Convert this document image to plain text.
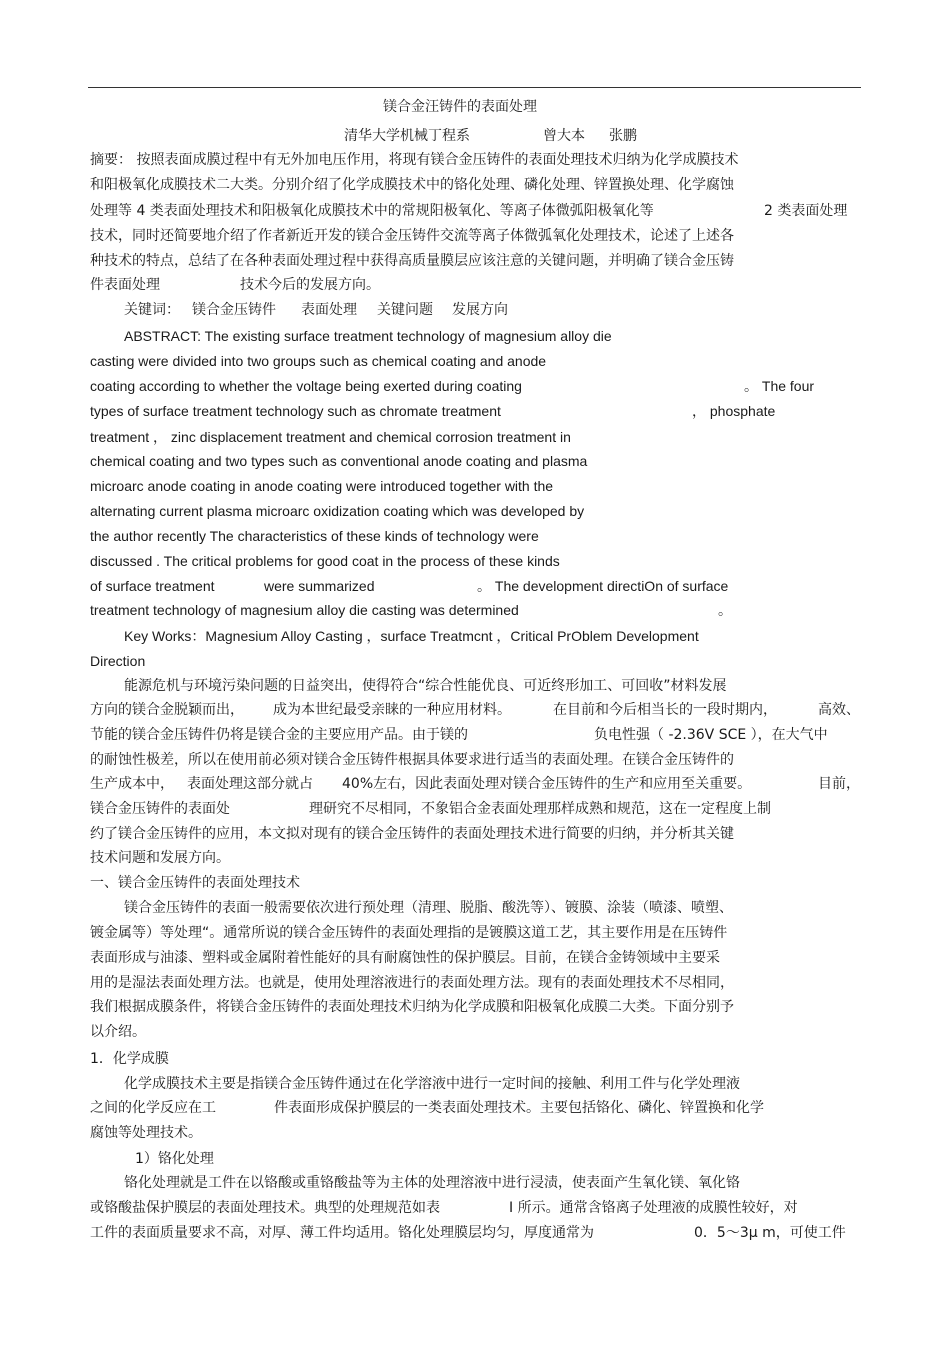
镁合金汪铸件的表面处理
清华大学机械丁程系	曾大本 张鹏
摘要： 按照表面成膜过程中有无外加电压作用，将现有镁合金压铸件的表面处理技术归纳为化学成膜技术
和阳极氧化成膜技术二大类。分别介绍了化学成膜技术中的铬化处理、磷化处理、锌置换处理、化学腐蚀
处理等 4 类表面处理技术和阳极氧化成膜技术中的常规阳极氧化、等离子体微弧阳极氧化等	2 类表面处理
技术，同时还简要地介绍了作者新近开发的镁合金压铸件交流等离子体微弧氧化处理技术，论述了上述各
种技术的特点，总结了在各种表面处理过程中获得高质量膜层应该注意的关键问题，并明确了镁合金压铸
件表面处理	技术今后的发展方向。
关键词： 镁合金压铸件 表面处理 关键问题 发展方向
ABSTRACT: The existing surface treatment technology of magnesium alloy die
casting were divided into two groups such as chemical coating and anode
coating according to whether the voltage being exerted during coating	。 The four
types of surface treatment technology such as chromate treatment	， phosphate
treatment ， zinc displacement treatment and chemical corrosion treatment in
chemical coating and two types such as conventional anode coating and plasma
microarc anode coating in anode coating were introduced together with the
alternating current plasma microarc oxidization coating which was developed by
the author recently The characteristics of these kinds of technology were
discussed . The critical problems for good coat in the process of these kinds
of surface treatment	were summarized	。 The development directiOn of surface
treatment technology of magnesium alloy die casting was determined	。
Key Works：Magnesium Alloy Casting ，surface Treatmcnt ，Critical PrOblem Development
Direction
能源危机与环境污染问题的日益突出，使得符合“综合性能优良、可近终形加工、可回收”材料发展
方向的镁合金脱颖而出， 成为本世纪最受亲睐的一种应用材料。	在目前和今后相当长的一段时期内，	高效、
节能的镁合金压铸件仍将是镁合金的主要应用产品。由于镁的	负电性强（ -2.36V SCE ），在大气中
的耐蚀性极差，所以在使用前必须对镁合金压铸件根据具体要求进行适当的表面处理。在镁合金压铸件的
生产成本中， 表面处理这部分就占 40%左右，因此表面处理对镁合金压铸件的生产和应用至关重要。	目前，
镁合金压铸件的表面处	理研究不尽相同，不象铝合金表面处理那样成熟和规范，这在一定程度上制
约了镁合金压铸件的应用，本文拟对现有的镁合金压铸件的表面处理技术进行简要的归纳，并分析其关键
技术问题和发展方向。
一、镁合金压铸件的表面处理技术
镁合金压铸件的表面一般需要依次进行预处理（清理、脱脂、酸洗等）、镀膜、涂装（喷漆、喷塑、
镀金属等）等处理“。通常所说的镁合金压铸件的表面处理指的是镀膜这道工艺，其主要作用是在压铸件
表面形成与油漆、塑料或金属附着性能好的具有耐腐蚀性的保护膜层。目前，在镁合金铸领域中主要采
用的是湿法表面处理方法。也就是，使用处理溶液进行的表面处理方法。现有的表面处理技术不尽相同，
我们根据成膜条件，将镁合金压铸件的表面处理技术归纳为化学成膜和阳极氧化成膜二大类。下面分别予
以介绍。
1．化学成膜
化学成膜技术主要是指镁合金压铸件通过在化学溶液中进行一定时间的接触、利用工件与化学处理液
之间的化学反应在工	件表面形成保护膜层的一类表面处理技术。主要包括铬化、磷化、锌置换和化学
腐蚀等处理技术。
1）铬化处理
铬化处理就是工件在以铬酸或重铬酸盐等为主体的处理溶液中进行浸渍，使表面产生氧化镁、氧化铬
或铬酸盐保护膜层的表面处理技术。典型的处理规范如表	I 所示。通常含铬离子处理液的成膜性较好，对
工件的表面质量要求不高，对厚、薄工件均适用。铬化处理膜层均匀，厚度通常为	0．5～3μ m，可使工件
